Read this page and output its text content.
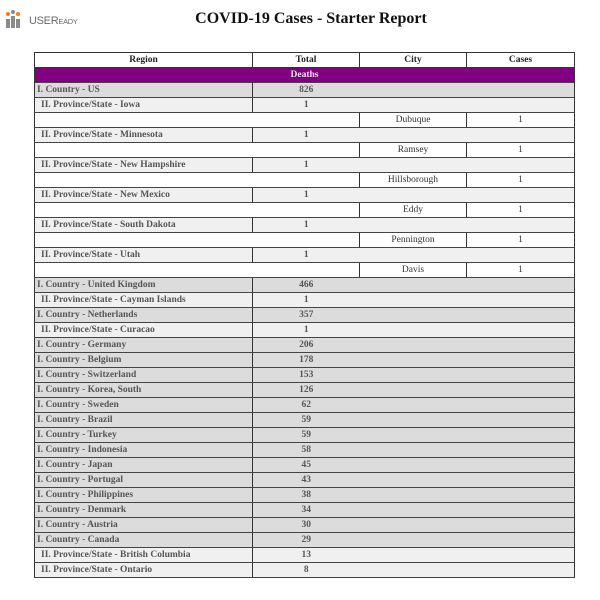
USEREADY	COVID-19 Cases - Starter Report
Region	Total	City	Cases
Deaths			
I. Country - US	826		
II. Province/State - Iowa	1		
		Dubuque	1
II. Province/State - Minnesota	1		
		Ramsey	1
II. Province/State - New Hampshire	1		
		Hillsborough	1
II. Province/State - New Mexico	1		
		Eddy	1
II. Province/State - South Dakota	1		
		Pennington	1
II. Province/State - Utah	1		
		Davis	1
I. Country - United Kingdom	466		
II. Province/State - Cayman Islands	1		
I. Country - Netherlands	357		
II. Province/State - Curacao	1		
I. Country - Germany	206		
I. Country - Belgium	178		
I. Country - Switzerland	153		
I. Country - Korea, South	126		
I. Country - Sweden	62		
I. Country - Brazil	59		
I. Country - Turkey	59		
I. Country - Indonesia	58		
I. Country - Japan	45		
I. Country - Portugal	43		
I. Country - Philippines	38		
I. Country - Denmark	34		
I. Country - Austria	30		
I. Country - Canada	29		
II. Province/State - British Columbia	13		
II. Province/State - Ontario	8		
